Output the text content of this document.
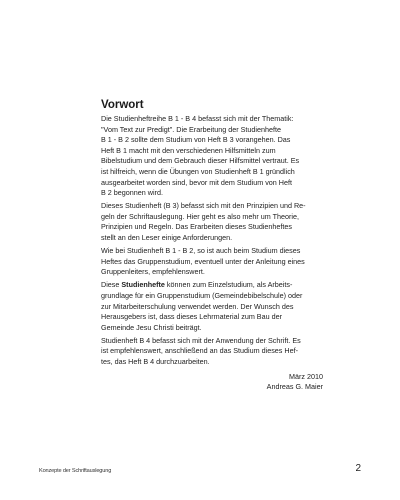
Vorwort

Die Studienheftreihe B 1 - B 4 befasst sich mit der Thematik:
"Vom Text zur Predigt". Die Erarbeitung der Studienhefte
B 1 - B 2 sollte dem Studium von Heft B 3 vorangehen. Das
Heft B 1 macht mit den verschiedenen Hilfsmitteln zum
Bibelstudium und dem Gebrauch dieser Hilfsmittel vertraut. Es
ist hilfreich, wenn die Übungen von Studienheft B 1 gründlich
ausgearbeitet worden sind, bevor mit dem Studium von Heft
B 2 begonnen wird.

Dieses Studienheft (B 3) befasst sich mit den Prinzipien und Re-
geln der Schriftauslegung. Hier geht es also mehr um Theorie,
Prinzipien und Regeln. Das Erarbeiten dieses Studienheftes
stellt an den Leser einige Anforderungen.

Wie bei Studienheft B 1 - B 2, so ist auch beim Studium dieses
Heftes das Gruppenstudium, eventuell unter der Anleitung eines
Gruppenleiters, empfehlenswert.

Diese Studienhefte können zum Einzelstudium, als Arbeits-
grundlage für ein Gruppenstudium (Gemeindebibelschule) oder
zur Mitarbeiterschulung verwendet werden. Der Wunsch des
Herausgebers ist, dass dieses Lehrmaterial zum Bau der
Gemeinde Jesu Christi beiträgt.

Studienheft B 4 befasst sich mit der Anwendung der Schrift. Es
ist empfehlenswert, anschließend an das Studium dieses Hef-
tes, das Heft B 4 durchzuarbeiten.

März 2010
Andreas G. Maier
Konzepte der Schriftauslegung	2
